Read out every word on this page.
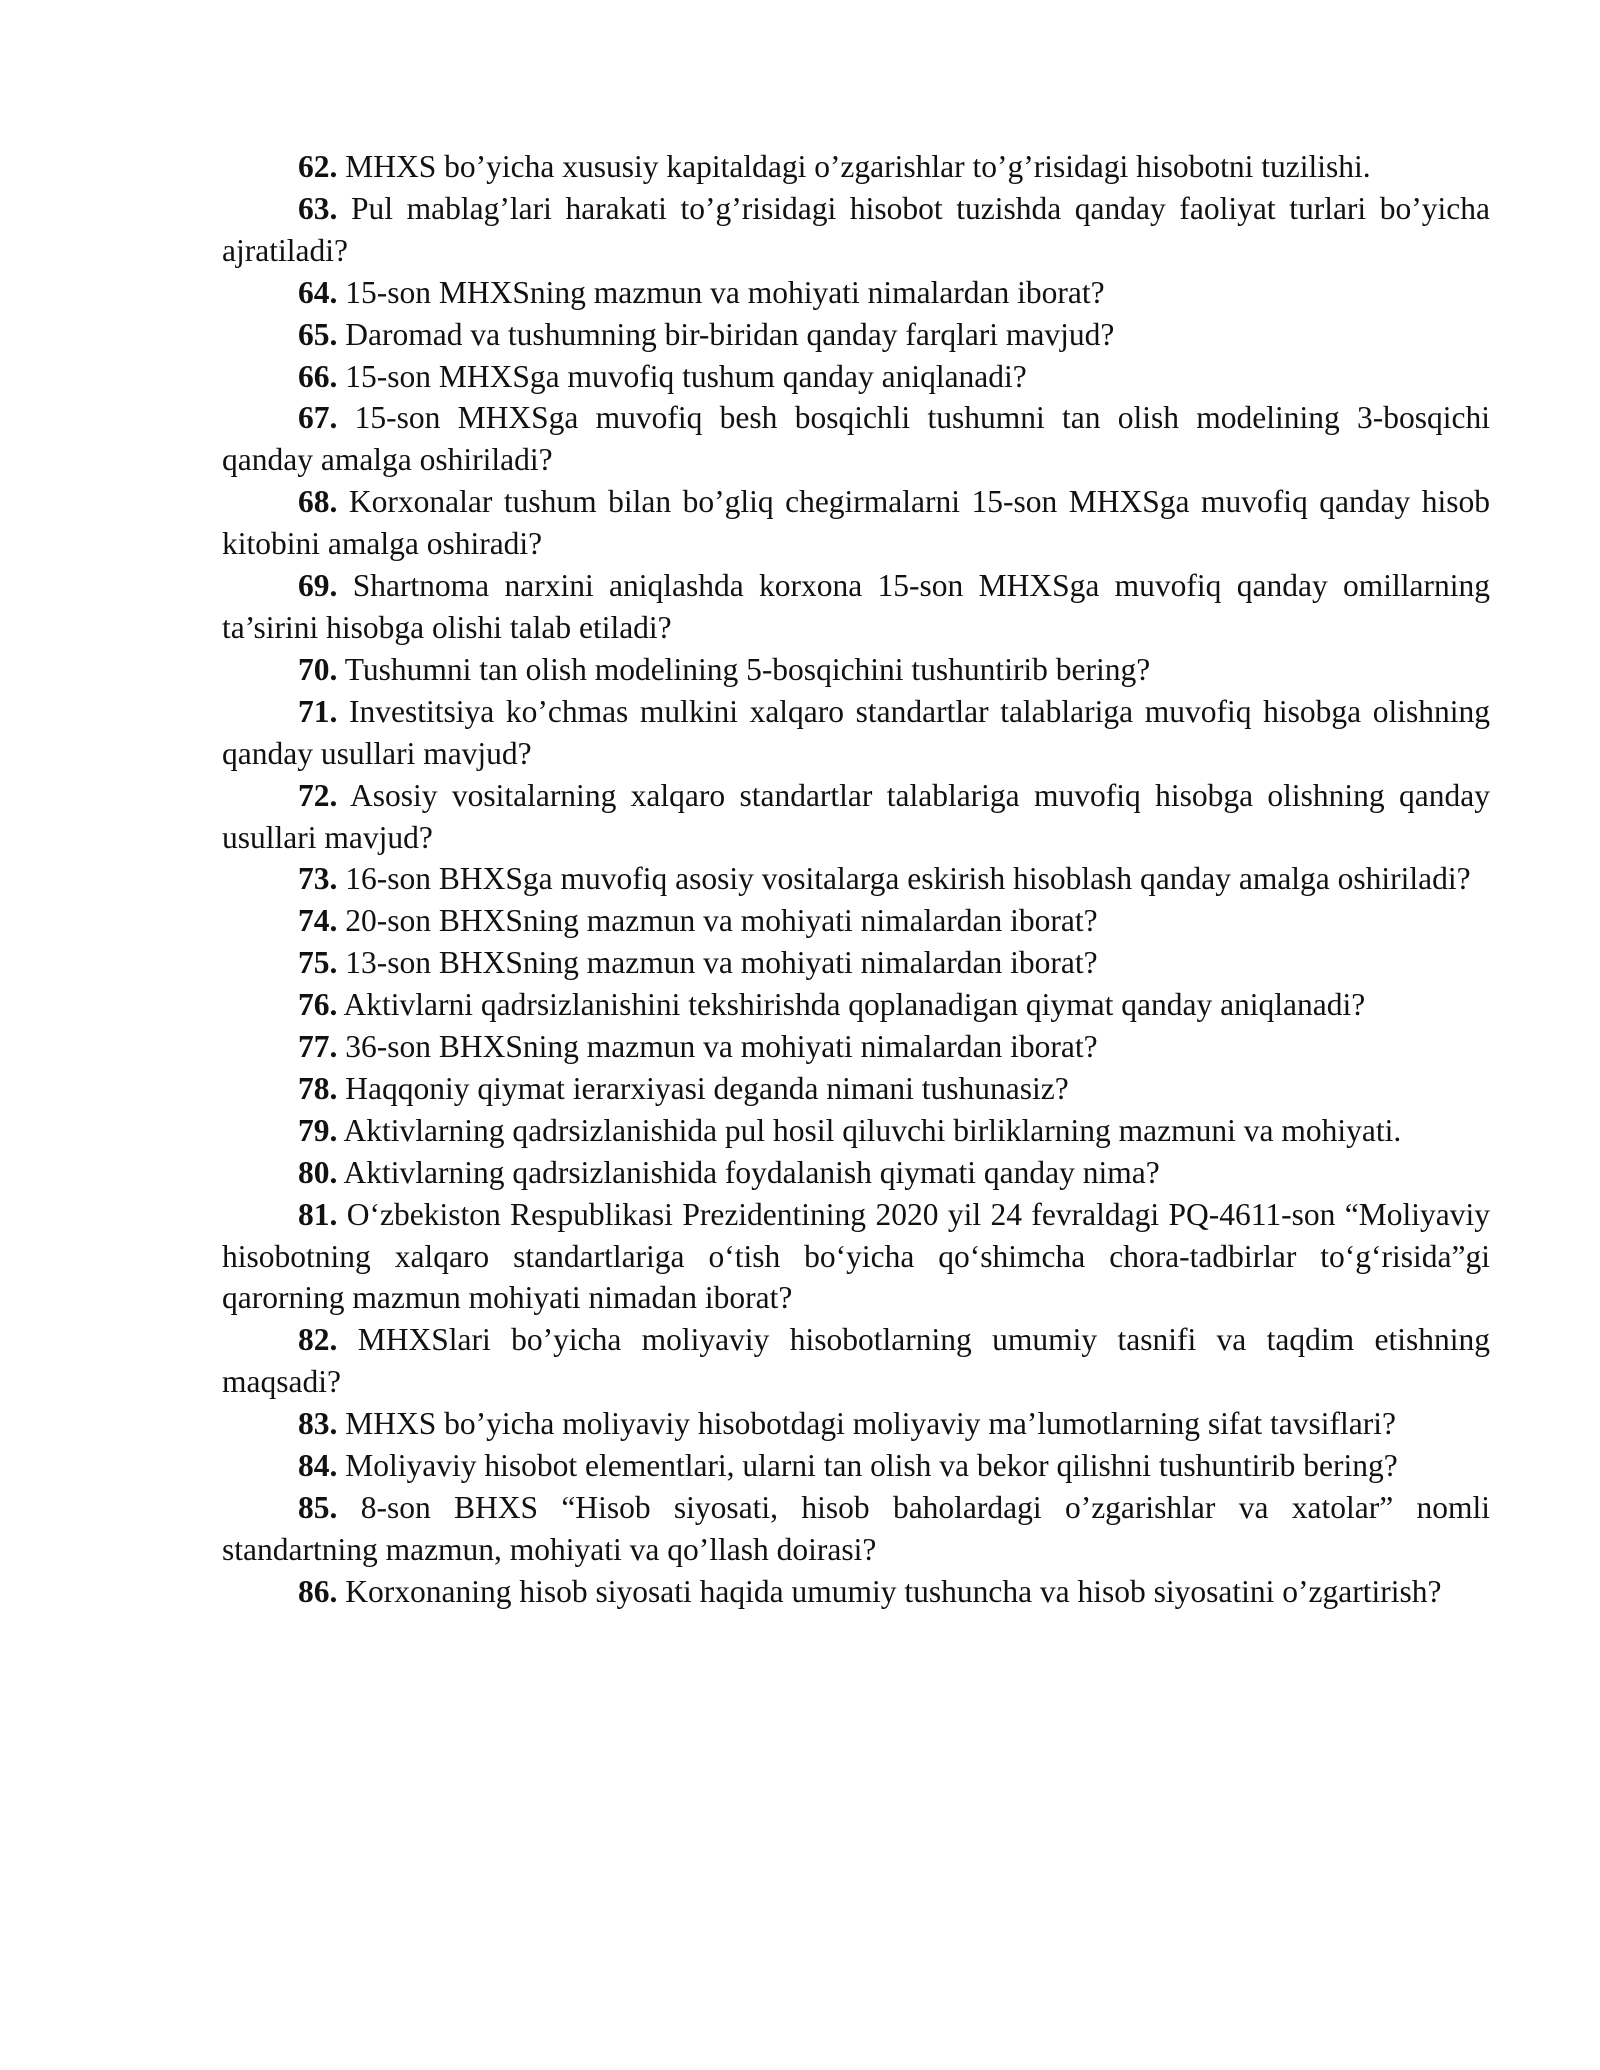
62. MHXS bo’yicha xususiy kapitaldagi o’zgarishlar to’g’risidagi hisobotni tuzilishi.
63. Pul mablag’lari harakati to’g’risidagi hisobot tuzishda qanday faoliyat turlari bo’yicha ajratiladi?
64. 15-son MHXSning mazmun va mohiyati nimalardan iborat?
65. Daromad va tushumning bir-biridan qanday farqlari mavjud?
66. 15-son MHXSga muvofiq tushum qanday aniqlanadi?
67. 15-son MHXSga muvofiq besh bosqichli tushumni tan olish modelining 3-bosqichi qanday amalga oshiriladi?
68. Korxonalar tushum bilan bo’gliq chegirmalarni 15-son MHXSga muvofiq qanday hisob kitobini amalga oshiradi?
69. Shartnoma narxini aniqlashda korxona 15-son MHXSga muvofiq qanday omillarning ta’sirini hisobga olishi talab etiladi?
70. Tushumni tan olish modelining 5-bosqichini tushuntirib bering?
71. Investitsiya ko’chmas mulkini xalqaro standartlar talablariga muvofiq hisobga olishning qanday usullari mavjud?
72. Asosiy vositalarning xalqaro standartlar talablariga muvofiq hisobga olishning qanday usullari mavjud?
73. 16-son BHXSga muvofiq asosiy vositalarga eskirish hisoblash qanday amalga oshiriladi?
74. 20-son BHXSning mazmun va mohiyati nimalardan iborat?
75. 13-son BHXSning mazmun va mohiyati nimalardan iborat?
76. Aktivlarni qadrsizlanishini tekshirishda qoplanadigan qiymat qanday aniqlanadi?
77. 36-son BHXSning mazmun va mohiyati nimalardan iborat?
78. Haqqoniy qiymat ierarxiyasi deganda nimani tushunasiz?
79. Aktivlarning qadrsizlanishida pul hosil qiluvchi birliklarning mazmuni va mohiyati.
80. Aktivlarning qadrsizlanishida foydalanish qiymati qanday nima?
81. O‘zbekiston Respublikasi Prezidentining 2020 yil 24 fevraldagi PQ-4611-son “Moliyaviy hisobotning xalqaro standartlariga o‘tish bo‘yicha qo‘shimcha chora-tadbirlar to‘g‘risida”gi qarorning mazmun mohiyati nimadan iborat?
82. MHXSlari bo’yicha moliyaviy hisobotlarning umumiy tasnifi va taqdim etishning maqsadi?
83. MHXS bo’yicha moliyaviy hisobotdagi moliyaviy ma’lumotlarning sifat tavsiflari?
84. Moliyaviy hisobot elementlari, ularni tan olish va bekor qilishni tushuntirib bering?
85. 8-son BHXS “Hisob siyosati, hisob baholardagi o’zgarishlar va xatolar” nomli standartning mazmun, mohiyati va qo’llash doirasi?
86. Korxonaning hisob siyosati haqida umumiy tushuncha va hisob siyosatini o’zgartirish?
